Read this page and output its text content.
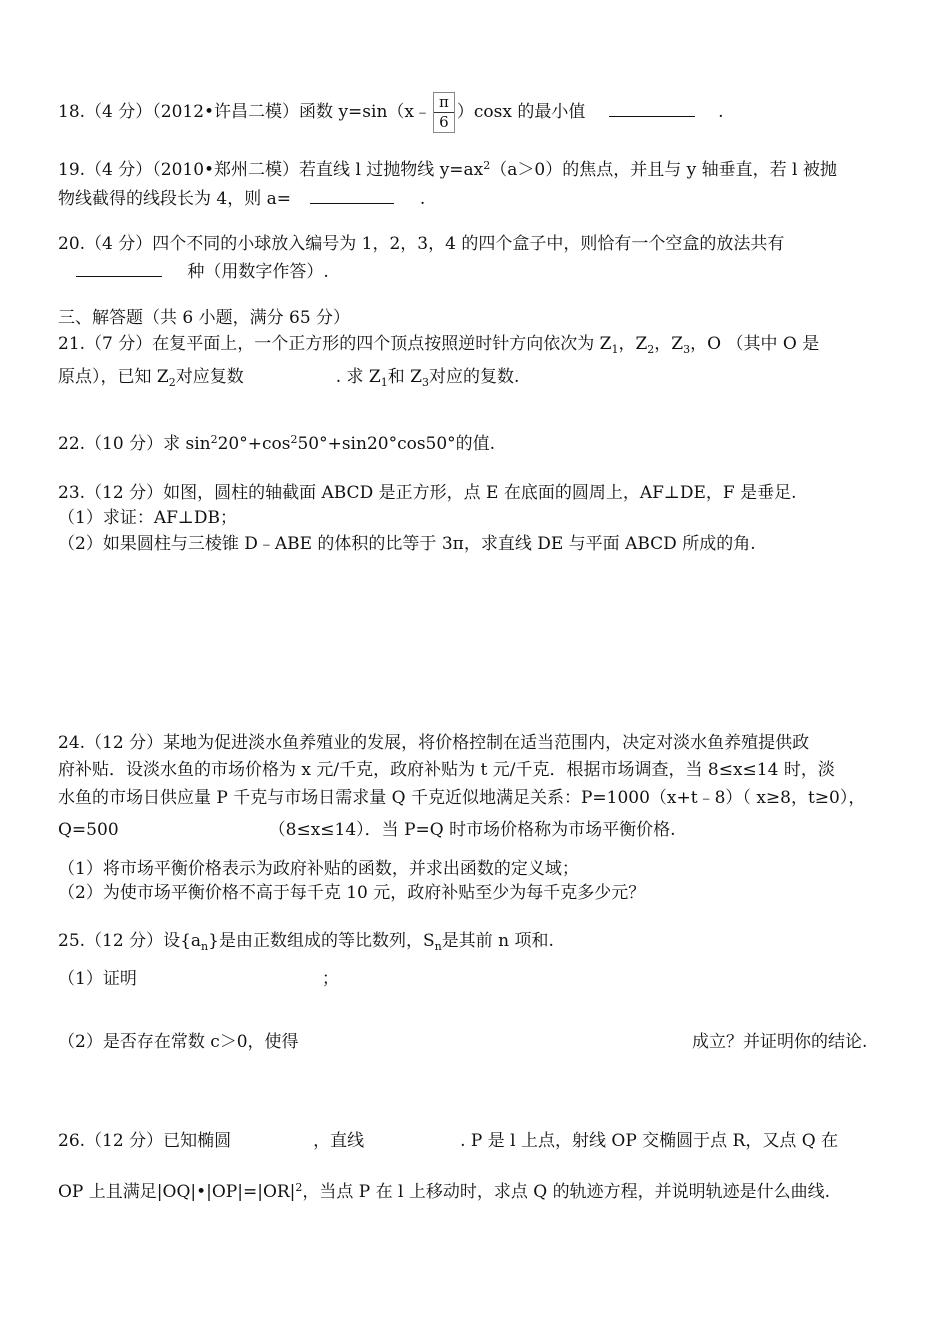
18.（4 分）（2012•许昌二模）函数 y=sin（x﹣ $\frac{\pi}{6} )\cos x$ 的最小值	.
19.（4 分）（2010•郑州二模）若直线 l 过抛物线 $y=ax^2(a>0)$的焦点，并且与 y 轴垂直，若 l 被抛
物线截得的线段长为 4，则 a=	.
20.（4 分）四个不同的小球放入编号为 1，2，3，4 的四个盒子中，则恰有一个空盒的放法共有
种（用数字作答）.
三、解答题（共 6 小题，满分 65 分）
21.（7 分）在复平面上，一个正方形的四个顶点按照逆时针方向依次为 $Z_1$，$Z_2$，$Z_3$，O （其中 O 是
原点），已知 $Z_2$对应复数	. 求 $Z_1$和 $Z_3$对应的复数.
22.（10 分）求 $\sin^220^\circ+\cos^250^\circ+\sin 20^\circ\cos 50^\circ$的值.
23.（12 分）如图，圆柱的轴截面 ABCD 是正方形，点 E 在底面的圆周上，AF⊥DE，F 是垂足.
（1）求证：AF⊥DB；
（2）如果圆柱与三棱锥 D﹣ABE 的体积的比等于 3π，求直线 DE 与平面 ABCD 所成的角.
24.（12 分）某地为促进淡水鱼养殖业的发展，将价格控制在适当范围内，决定对淡水鱼养殖提供政
府补贴．设淡水鱼的市场价格为 x 元/千克，政府补贴为 t 元/千克．根据市场调查，当 8≤x≤14 时，淡
水鱼的市场日供应量 P 千克与市场日需求量 Q 千克近似地满足关系：P=1000（x+t﹣8）（ x≥8，t≥0），
Q=500	（8≤x≤14）．当 P=Q 时市场价格称为市场平衡价格.
（1）将市场平衡价格表示为政府补贴的函数，并求出函数的定义域；
（2）为使市场平衡价格不高于每千克 10 元，政府补贴至少为每千克多少元？
25.（12 分）设$\{a_n\}$是由正数组成的等比数列，$S_n$是其前 n 项和.
（1）证明	；
（2）是否存在常数 c＞0，使得	成立？并证明你的结论.
26.（12 分）已知椭圆	，直线	. P 是 l 上点，射线 OP 交椭圆于点 R，又点 Q 在
OP 上且满足$|OQ|•|OP|=|OR|^2$，当点 P 在 l 上移动时，求点 Q 的轨迹方程，并说明轨迹是什么曲线.
